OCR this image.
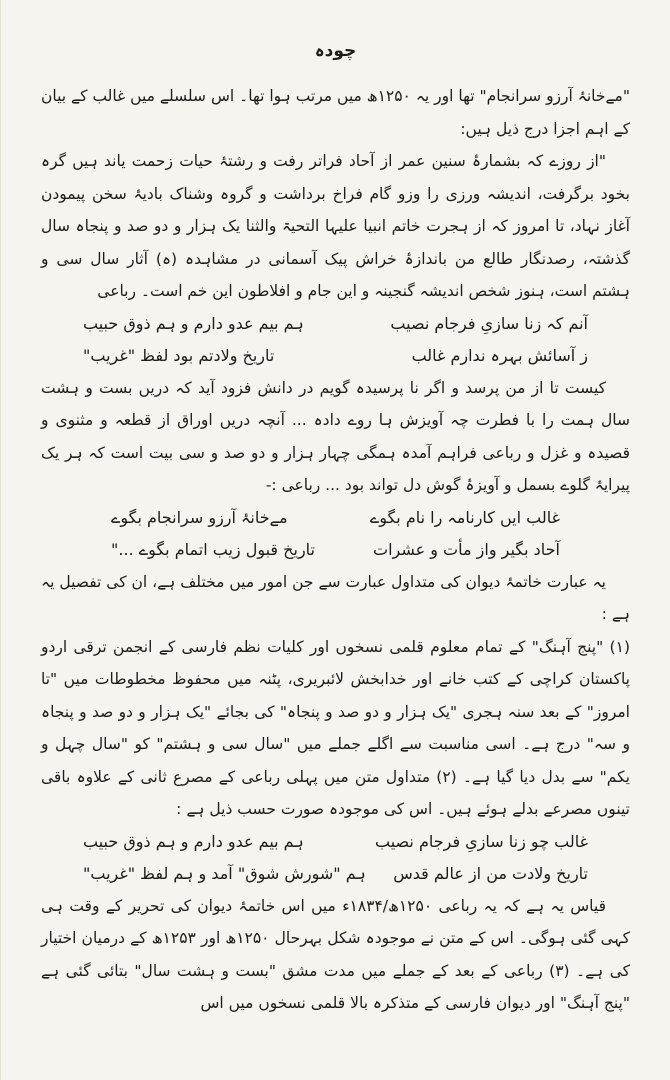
چودہ

"مےخانۂ آرزو سرانجام" تھا اور یہ ۱۲۵۰ھ میں مرتب ہوا تھا۔ اس سلسلے میں غالب کے بیان کے اہم اجزا درج ذیل ہیں:

"از روزے کہ بشمارۂ سنین عمر از آحاد فراتر رفت و رشتۂ حیات زحمت یاند ہیں گرہ بخود برگرفت، اندیشہ ورزی را وزو گام فراخ برداشت و گروہ وشناک بادیۂ سخن پیمودن آغاز نہاد، تا امروز کہ از ہجرت خاتم انبیا علیہا التحیۃ والثنا یک ہزار و دو صد و پنجاہ سال گذشتہ، رصدنگار طالع من باندازۂ خراش پیک آسمانی در مشاہدہ (ہ) آثار سال سی و ہشتم است، ہنوز شخص اندیشہ گنجینہ و این جام و افلاطون این خم است۔ رباعی

آنم کہ زنا سازیِ فرجام نصیب
ہم بیم عدو دارم و ہم ذوق حبیب
ز آسائش بہرہ ندارم غالب
تاریخ ولادتم بود لفظ "غریب"

کیست تا از من پرسد و اگر نا پرسیدہ گویم در دانش فزود آید کہ دریں بست و ہشت سال ہمت را با فطرت چہ آویزش ہا روے دادہ ... آنچہ دریں اوراق از قطعہ و مثنوی و قصیدہ و غزل و رباعی فراہم آمدہ ہمگی چہار ہزار و دو صد و سی بیت است کہ ہر یک پیرایۂ گلوے بسمل و آویزۂ گوش دل تواند بود ... رباعی :-

غالب ایں کارنامہ را نام بگوے
مےخانۂ آرزو سرانجام بگوے
آحاد بگیر واز مأت و عشرات
تاریخ قبول زیب اتمام بگوے ..."

یہ عبارت خاتمۂ دیوان کی متداول عبارت سے جن امور میں مختلف ہے، ان کی تفصیل یہ ہے :

(۱) "پنج آہنگ" کے تمام معلوم قلمی نسخوں اور کلیات نظم فارسی کے انجمن ترقی اردو پاکستان کراچی کے کتب خانے اور خدابخش لائبریری، پٹنہ میں محفوظ مخطوطات میں "تا امروز" کے بعد سنہ ہجری "یک ہزار و دو صد و پنجاہ" کی بجائے "یک ہزار و دو صد و پنجاہ و سہ" درج ہے۔ اسی مناسبت سے اگلے جملے میں "سال سی و ہشتم" کو "سال چہل و یکم" سے بدل دیا گیا ہے۔ (۲) متداول متن میں پہلی رباعی کے مصرع ثانی کے علاوہ باقی تینوں مصرعے بدلے ہوئے ہیں۔ اس کی موجودہ صورت حسب ذیل ہے :

غالب چو زنا سازیِ فرجام نصیب
ہم بیم عدو دارم و ہم ذوق حبیب
تاریخ ولادت من از عالم قدس
ہم "شورش شوق" آمد و ہم لفظ "غریب"

قیاس یہ ہے کہ یہ رباعی ۱۲۵۰ھ/۱۸۳۴ء میں اس خاتمۂ دیوان کی تحریر کے وقت ہی کہی گئی ہوگی۔ اس کے متن نے موجودہ شکل بہرحال ۱۲۵۰ھ اور ۱۲۵۳ھ کے درمیان اختیار کی ہے۔ (۳) رباعی کے بعد کے جملے میں مدت مشق "بست و ہشت سال" بتائی گئی ہے "پنج آہنگ" اور دیوان فارسی کے متذکرہ بالا قلمی نسخوں میں اس
